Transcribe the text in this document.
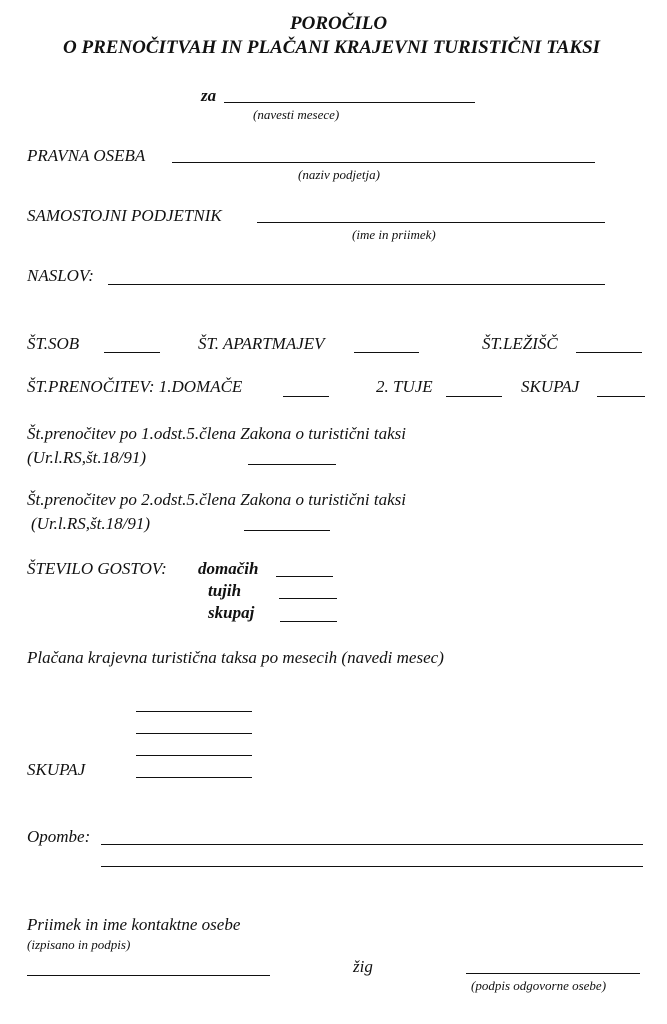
POROČILO
O PRENOČITVAH IN PLAČANI KRAJEVNI TURISTIČNI TAKSI
za
(navesti mesece)
PRAVNA OSEBA
(naziv podjetja)
SAMOSTOJNI PODJETNIK
(ime in priimek)
NASLOV:
ŠT.SOB	ŠT. APARTMAJEV	ŠT.LEŽIŠČ
ŠT.PRENOČITEV: 1.DOMAČE	2. TUJE	SKUPAJ
Št.prenočitev po 1.odst.5.člena Zakona o turistični taksi
(Ur.l.RS,št.18/91)
Št.prenočitev po 2.odst.5.člena Zakona o turistični taksi
(Ur.l.RS,št.18/91)
ŠTEVILO GOSTOV: domačih
tujih
skupaj
Plačana krajevna turistična taksa po mesecih (navedi mesec)
SKUPAJ
Opombe:
Priimek in ime kontaktne osebe
(izpisano in podpis)
žig
(podpis odgovorne osebe)
